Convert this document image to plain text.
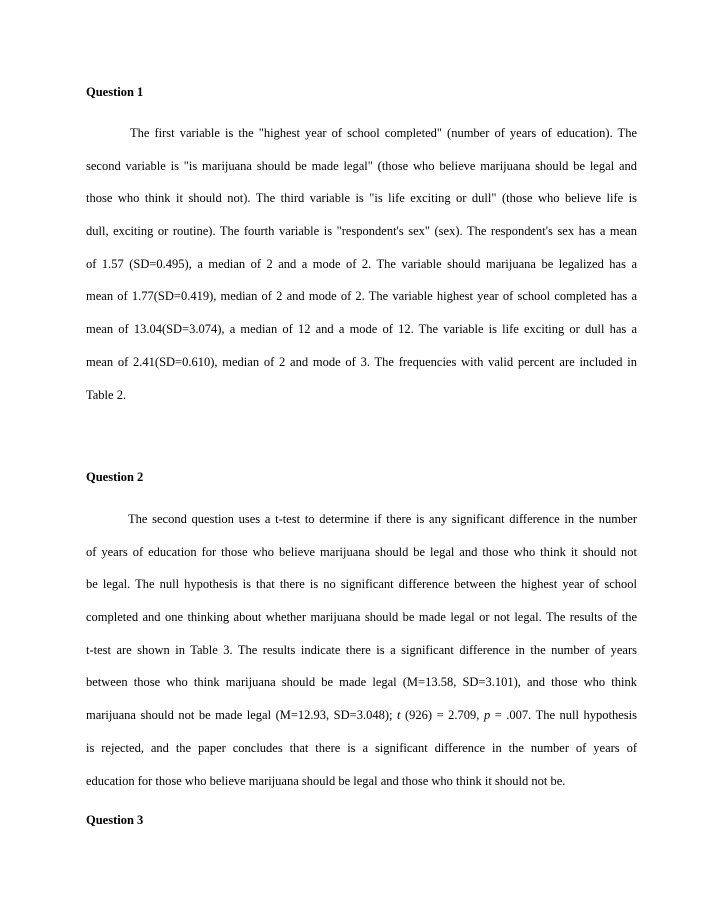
Question 1
The first variable is the "highest year of school completed" (number of years of education). The
second variable is "is marijuana should be made legal" (those who believe marijuana should be legal and
those who think it should not). The third variable is "is life exciting or dull" (those who believe life is
dull, exciting or routine). The fourth variable is "respondent's sex" (sex). The respondent's sex has a mean
of 1.57 (SD=0.495), a median of 2 and a mode of 2. The variable should marijuana be legalized has a
mean of 1.77(SD=0.419), median of 2 and mode of 2. The variable highest year of school completed has a
mean of 13.04(SD=3.074), a median of 12 and a mode of 12. The variable is life exciting or dull has a
mean of 2.41(SD=0.610), median of 2 and mode of 3. The frequencies with valid percent are included in
Table 2.
Question 2
The second question uses a t-test to determine if there is any significant difference in the number
of years of education for those who believe marijuana should be legal and those who think it should not
be legal. The null hypothesis is that there is no significant difference between the highest year of school
completed and one thinking about whether marijuana should be made legal or not legal. The results of the
t-test are shown in Table 3. The results indicate there is a significant difference in the number of years
between those who think marijuana should be made legal (M=13.58, SD=3.101), and those who think
marijuana should not be made legal (M=12.93, SD=3.048); t (926) = 2.709, p = .007. The null hypothesis
is rejected, and the paper concludes that there is a significant difference in the number of years of
education for those who believe marijuana should be legal and those who think it should not be.
Question 3
